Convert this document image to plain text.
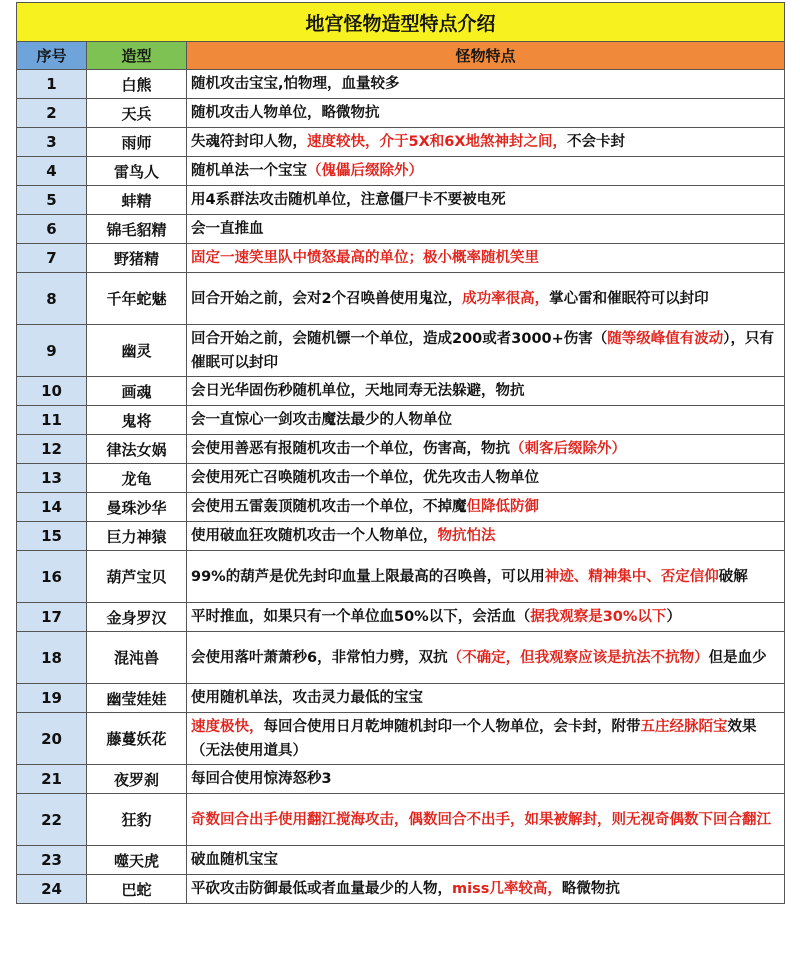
地宫怪物造型特点介绍		
序号	造型	怪物特点
1	白熊	随机攻击宝宝,怕物理，血量较多
2	天兵	随机攻击人物单位，略微物抗
3	雨师	失魂符封印人物，速度较快，介于5X和6X地煞神封之间，不会卡封
4	雷鸟人	随机单法一个宝宝（傀儡后缀除外）
5	蚌精	用4系群法攻击随机单位，注意僵尸卡不要被电死
6	锦毛貂精	会一直推血
7	野猪精	固定一速笑里队中愤怒最高的单位；极小概率随机笑里
8	千年蛇魅	回合开始之前，会对2个召唤兽使用鬼泣，成功率很高，掌心雷和催眠符可以封印
9	幽灵	回合开始之前，会随机镖一个单位，造成200或者3000+伤害（随等级峰值有波动），只有催眠可以封印
10	画魂	会日光华固伤秒随机单位，天地同寿无法躲避，物抗
11	鬼将	会一直惊心一剑攻击魔法最少的人物单位
12	律法女娲	会使用善恶有报随机攻击一个单位，伤害高，物抗（刺客后缀除外）
13	龙龟	会使用死亡召唤随机攻击一个单位，优先攻击人物单位
14	曼珠沙华	会使用五雷轰顶随机攻击一个单位，不掉魔但降低防御
15	巨力神猿	使用破血狂攻随机攻击一个人物单位，物抗怕法
16	葫芦宝贝	99%的葫芦是优先封印血量上限最高的召唤兽，可以用神迹、精神集中、否定信仰破解
17	金身罗汉	平时推血，如果只有一个单位血50%以下，会活血（据我观察是30%以下）
18	混沌兽	会使用落叶萧萧秒6，非常怕力劈，双抗（不确定，但我观察应该是抗法不抗物）但是血少
19	幽莹娃娃	使用随机单法，攻击灵力最低的宝宝
20	藤蔓妖花	速度极快，每回合使用日月乾坤随机封印一个人物单位，会卡封，附带五庄经脉陌宝效果（无法使用道具）
21	夜罗刹	每回合使用惊涛怒秒3
22	狂豹	奇数回合出手使用翻江搅海攻击，偶数回合不出手，如果被解封，则无视奇偶数下回合翻江
23	噬天虎	破血随机宝宝
24	巴蛇	平砍攻击防御最低或者血量最少的人物，miss几率较高，略微物抗
